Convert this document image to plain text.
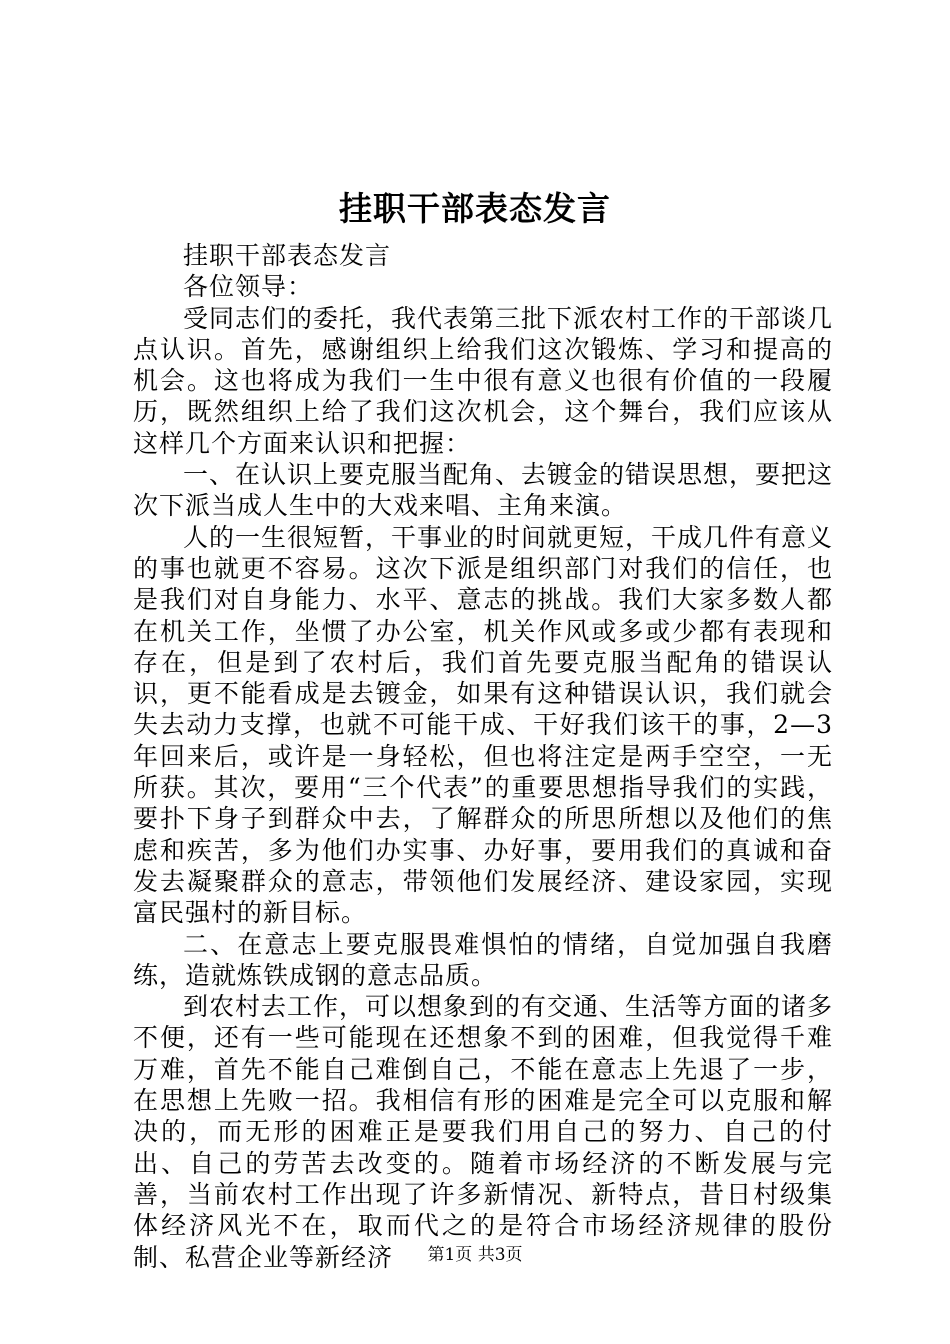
挂职干部表态发言

挂职干部表态发言

各位领导：

受同志们的委托，我代表第三批下派农村工作的干部谈几点认识。首先，感谢组织上给我们这次锻炼、学习和提高的机会。这也将成为我们一生中很有意义也很有价值的一段履历，既然组织上给了我们这次机会，这个舞台，我们应该从这样几个方面来认识和把握：

一、在认识上要克服当配角、去镀金的错误思想，要把这次下派当成人生中的大戏来唱、主角来演。

人的一生很短暂，干事业的时间就更短，干成几件有意义的事也就更不容易。这次下派是组织部门对我们的信任，也是我们对自身能力、水平、意志的挑战。我们大家多数人都在机关工作，坐惯了办公室，机关作风或多或少都有表现和存在，但是到了农村后，我们首先要克服当配角的错误认识，更不能看成是去镀金，如果有这种错误认识，我们就会失去动力支撑，也就不可能干成、干好我们该干的事，2—3年回来后，或许是一身轻松，但也将注定是两手空空，一无所获。其次，要用“三个代表”的重要思想指导我们的实践，要扑下身子到群众中去，了解群众的所思所想以及他们的焦虑和疾苦，多为他们办实事、办好事，要用我们的真诚和奋发去凝聚群众的意志，带领他们发展经济、建设家园，实现富民强村的新目标。

二、在意志上要克服畏难惧怕的情绪，自觉加强自我磨练，造就炼铁成钢的意志品质。

到农村去工作，可以想象到的有交通、生活等方面的诸多不便，还有一些可能现在还想象不到的困难，但我觉得千难万难，首先不能自己难倒自己，不能在意志上先退了一步，在思想上先败一招。我相信有形的困难是完全可以克服和解决的，而无形的困难正是要我们用自己的努力、自己的付出、自己的劳苦去改变的。随着市场经济的不断发展与完善，当前农村工作出现了许多新情况、新特点，昔日村级集体经济风光不在，取而代之的是符合市场经济规律的股份制、私营企业等新经济	第1页 共3页
